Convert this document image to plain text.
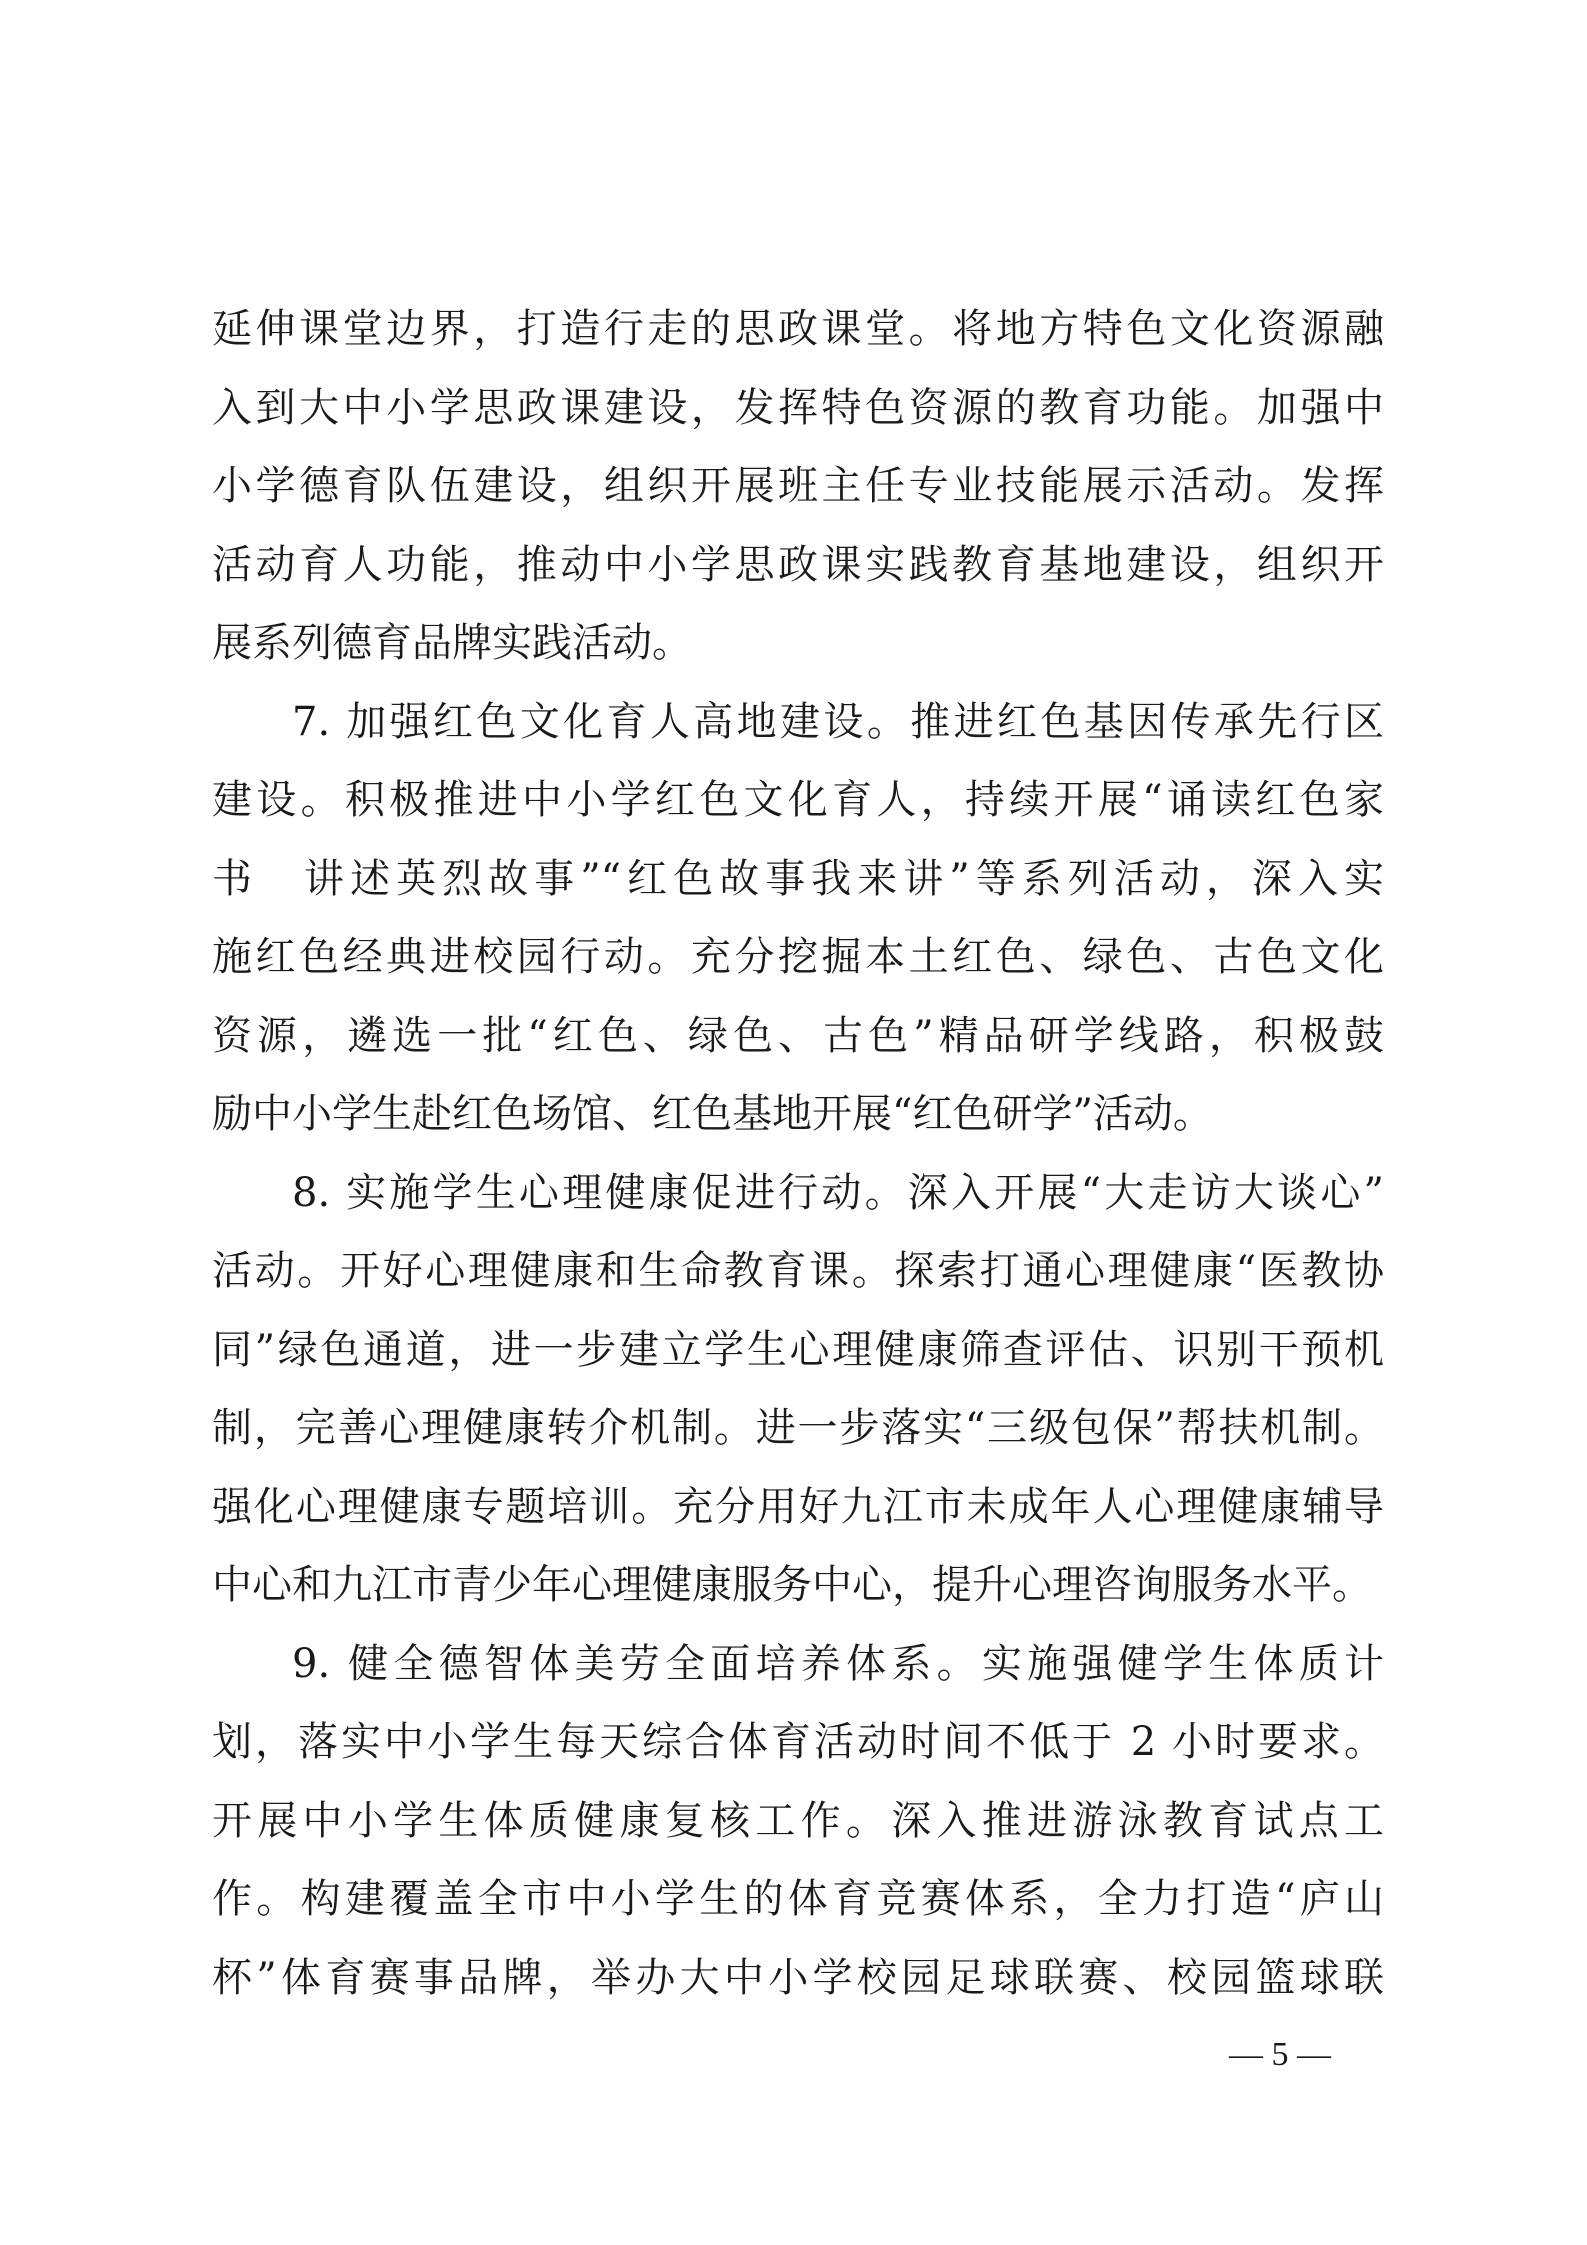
延伸课堂边界，打造行走的思政课堂。将地方特色文化资源融
入到大中小学思政课建设，发挥特色资源的教育功能。加强中
小学德育队伍建设，组织开展班主任专业技能展示活动。发挥
活动育人功能，推动中小学思政课实践教育基地建设，组织开
展系列德育品牌实践活动。
7. 加强红色文化育人高地建设。推进红色基因传承先行区
建设。积极推进中小学红色文化育人，持续开展“诵读红色家
书　讲述英烈故事”“红色故事我来讲”等系列活动，深入实
施红色经典进校园行动。充分挖掘本土红色、绿色、古色文化
资源，遴选一批“红色、绿色、古色”精品研学线路，积极鼓
励中小学生赴红色场馆、红色基地开展“红色研学”活动。
8. 实施学生心理健康促进行动。深入开展“大走访大谈心”
活动。开好心理健康和生命教育课。探索打通心理健康“医教协
同”绿色通道，进一步建立学生心理健康筛查评估、识别干预机
制，完善心理健康转介机制。进一步落实“三级包保”帮扶机制。
强化心理健康专题培训。充分用好九江市未成年人心理健康辅导
中心和九江市青少年心理健康服务中心，提升心理咨询服务水平。
9. 健全德智体美劳全面培养体系。实施强健学生体质计
划，落实中小学生每天综合体育活动时间不低于 2 小时要求。
开展中小学生体质健康复核工作。深入推进游泳教育试点工
作。构建覆盖全市中小学生的体育竞赛体系，全力打造“庐山
杯”体育赛事品牌，举办大中小学校园足球联赛、校园篮球联
— 5 —
